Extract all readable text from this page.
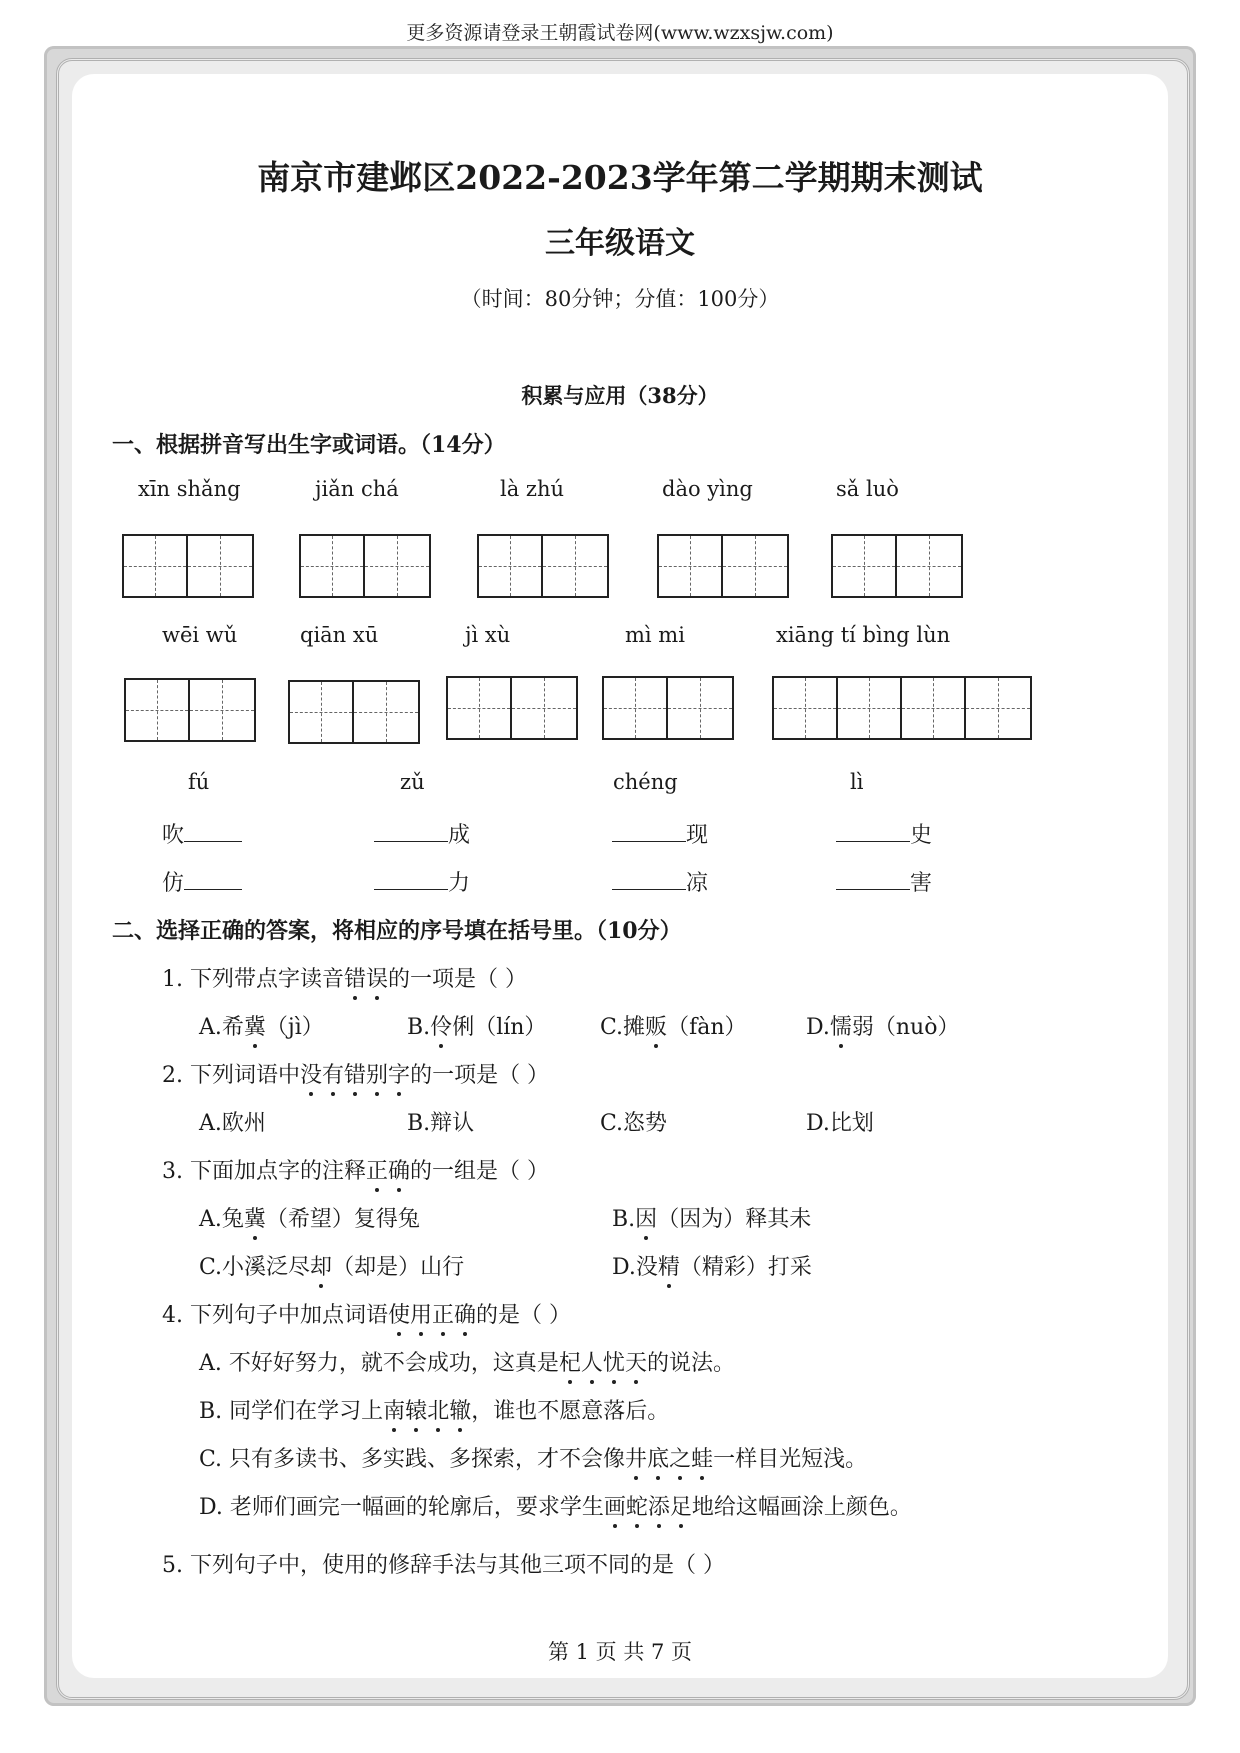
更多资源请登录王朝霞试卷网(www.wzxsjw.com)
南京市建邺区2022-2023学年第二学期期末测试
三年级语文
（时间：80分钟；分值：100分）
积累与应用（38分）
一、根据拼音写出生字或词语。（14分）
xīn shǎng	jiǎn chá	là zhú	dào yìng	sǎ luò
wēi wǔ	qiān xū	jì xù	mì mi	xiāng tí bìng lùn
fú	zǔ	chéng	lì
吹	成	现	史
仿	力	凉	害
二、选择正确的答案，将相应的序号填在括号里。（10分）
1. 下列带点字读音错误的一项是（ ）
A.希冀（jì）	B.伶俐（lín） C.摊贩（fàn）	D.懦弱（nuò）
2. 下列词语中没有错别字的一项是（ ）
A.欧州	B.辩认	C.恣势	D.比划
3. 下面加点字的注释正确的一组是（ ）
A.兔冀（希望）复得兔	B.因（因为）释其未
C.小溪泛尽却（却是）山行	D.没精（精彩）打采
4. 下列句子中加点词语使用正确的是（ ）
A. 不好好努力，就不会成功，这真是杞人忧天的说法。
B. 同学们在学习上南辕北辙，谁也不愿意落后。
C. 只有多读书、多实践、多探索，才不会像井底之蛙一样目光短浅。
D. 老师们画完一幅画的轮廓后，要求学生画蛇添足地给这幅画涂上颜色。
5. 下列句子中，使用的修辞手法与其他三项不同的是（ ）
第 1 页 共 7 页
